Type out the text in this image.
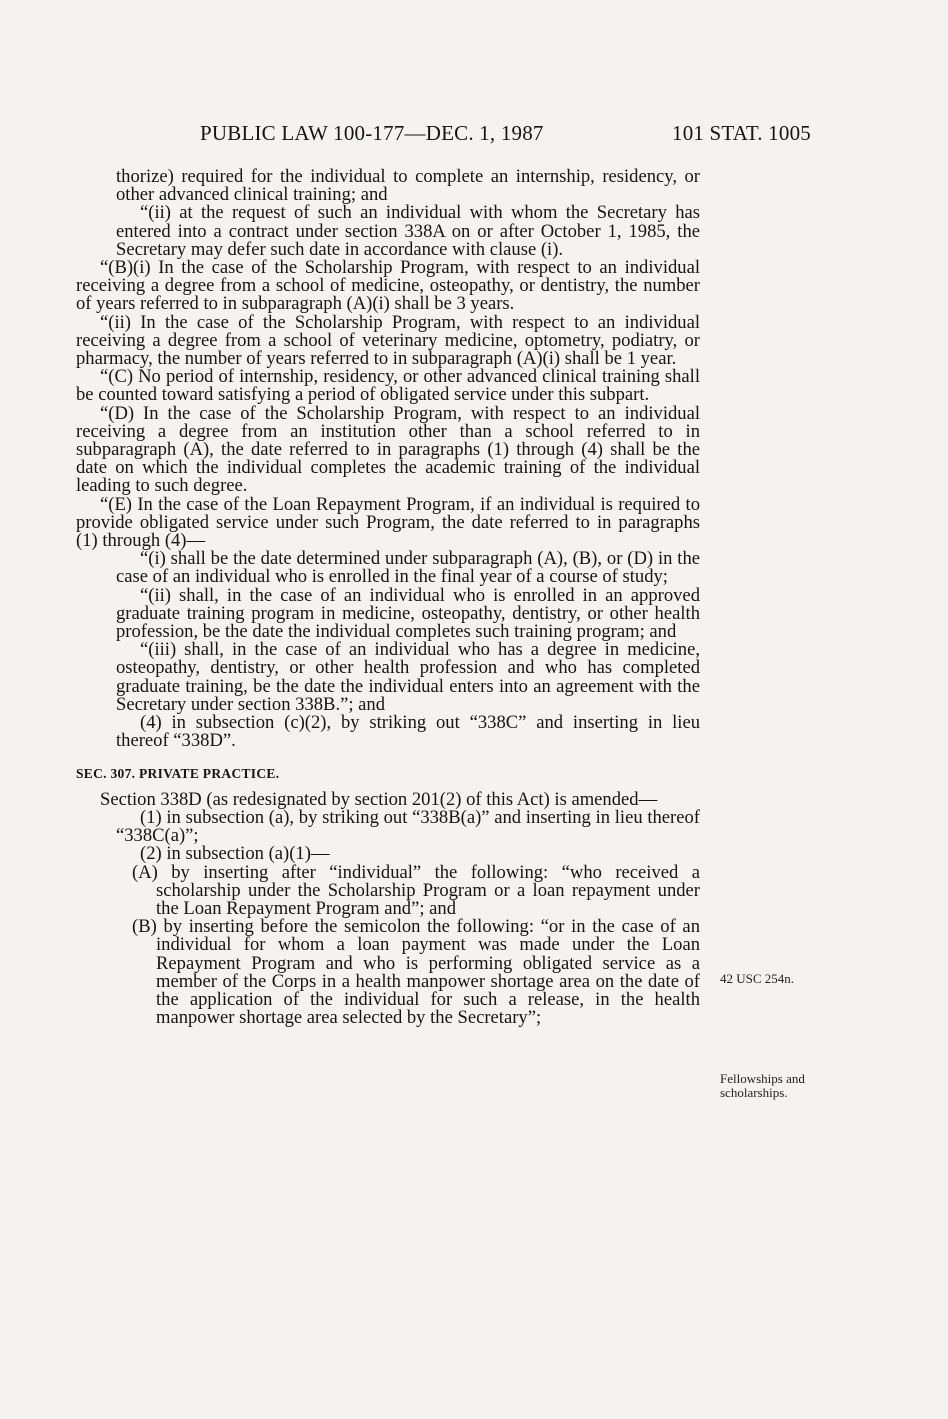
PUBLIC LAW 100-177—DEC. 1, 1987	101 STAT. 1005

thorize) required for the individual to complete an internship, residency, or other advanced clinical training; and

“(ii) at the request of such an individual with whom the Secretary has entered into a contract under section 338A on or after October 1, 1985, the Secretary may defer such date in accordance with clause (i).

“(B)(i) In the case of the Scholarship Program, with respect to an individual receiving a degree from a school of medicine, osteopathy, or dentistry, the number of years referred to in subparagraph (A)(i) shall be 3 years.

“(ii) In the case of the Scholarship Program, with respect to an individual receiving a degree from a school of veterinary medicine, optometry, podiatry, or pharmacy, the number of years referred to in subparagraph (A)(i) shall be 1 year.

“(C) No period of internship, residency, or other advanced clinical training shall be counted toward satisfying a period of obligated service under this subpart.

“(D) In the case of the Scholarship Program, with respect to an individual receiving a degree from an institution other than a school referred to in subparagraph (A), the date referred to in paragraphs (1) through (4) shall be the date on which the individual completes the academic training of the individual leading to such degree.

“(E) In the case of the Loan Repayment Program, if an individual is required to provide obligated service under such Program, the date referred to in paragraphs (1) through (4)—

“(i) shall be the date determined under subparagraph (A), (B), or (D) in the case of an individual who is enrolled in the final year of a course of study;

“(ii) shall, in the case of an individual who is enrolled in an approved graduate training program in medicine, osteopathy, dentistry, or other health profession, be the date the individual completes such training program; and

“(iii) shall, in the case of an individual who has a degree in medicine, osteopathy, dentistry, or other health profession and who has completed graduate training, be the date the individual enters into an agreement with the Secretary under section 338B.”; and

(4) in subsection (c)(2), by striking out “338C” and inserting in lieu thereof “338D”.

SEC. 307. PRIVATE PRACTICE.

Section 338D (as redesignated by section 201(2) of this Act) is amended—

(1) in subsection (a), by striking out “338B(a)” and inserting in lieu thereof “338C(a)”;

(2) in subsection (a)(1)—

(A) by inserting after “individual” the following: “who received a scholarship under the Scholarship Program or a loan repayment under the Loan Repayment Program and”; and

(B) by inserting before the semicolon the following: “or in the case of an individual for whom a loan payment was made under the Loan Repayment Program and who is performing obligated service as a member of the Corps in a health manpower shortage area on the date of the application of the individual for such a release, in the health manpower shortage area selected by the Secretary”;

42 USC 254n.
Fellowships and scholarships.
